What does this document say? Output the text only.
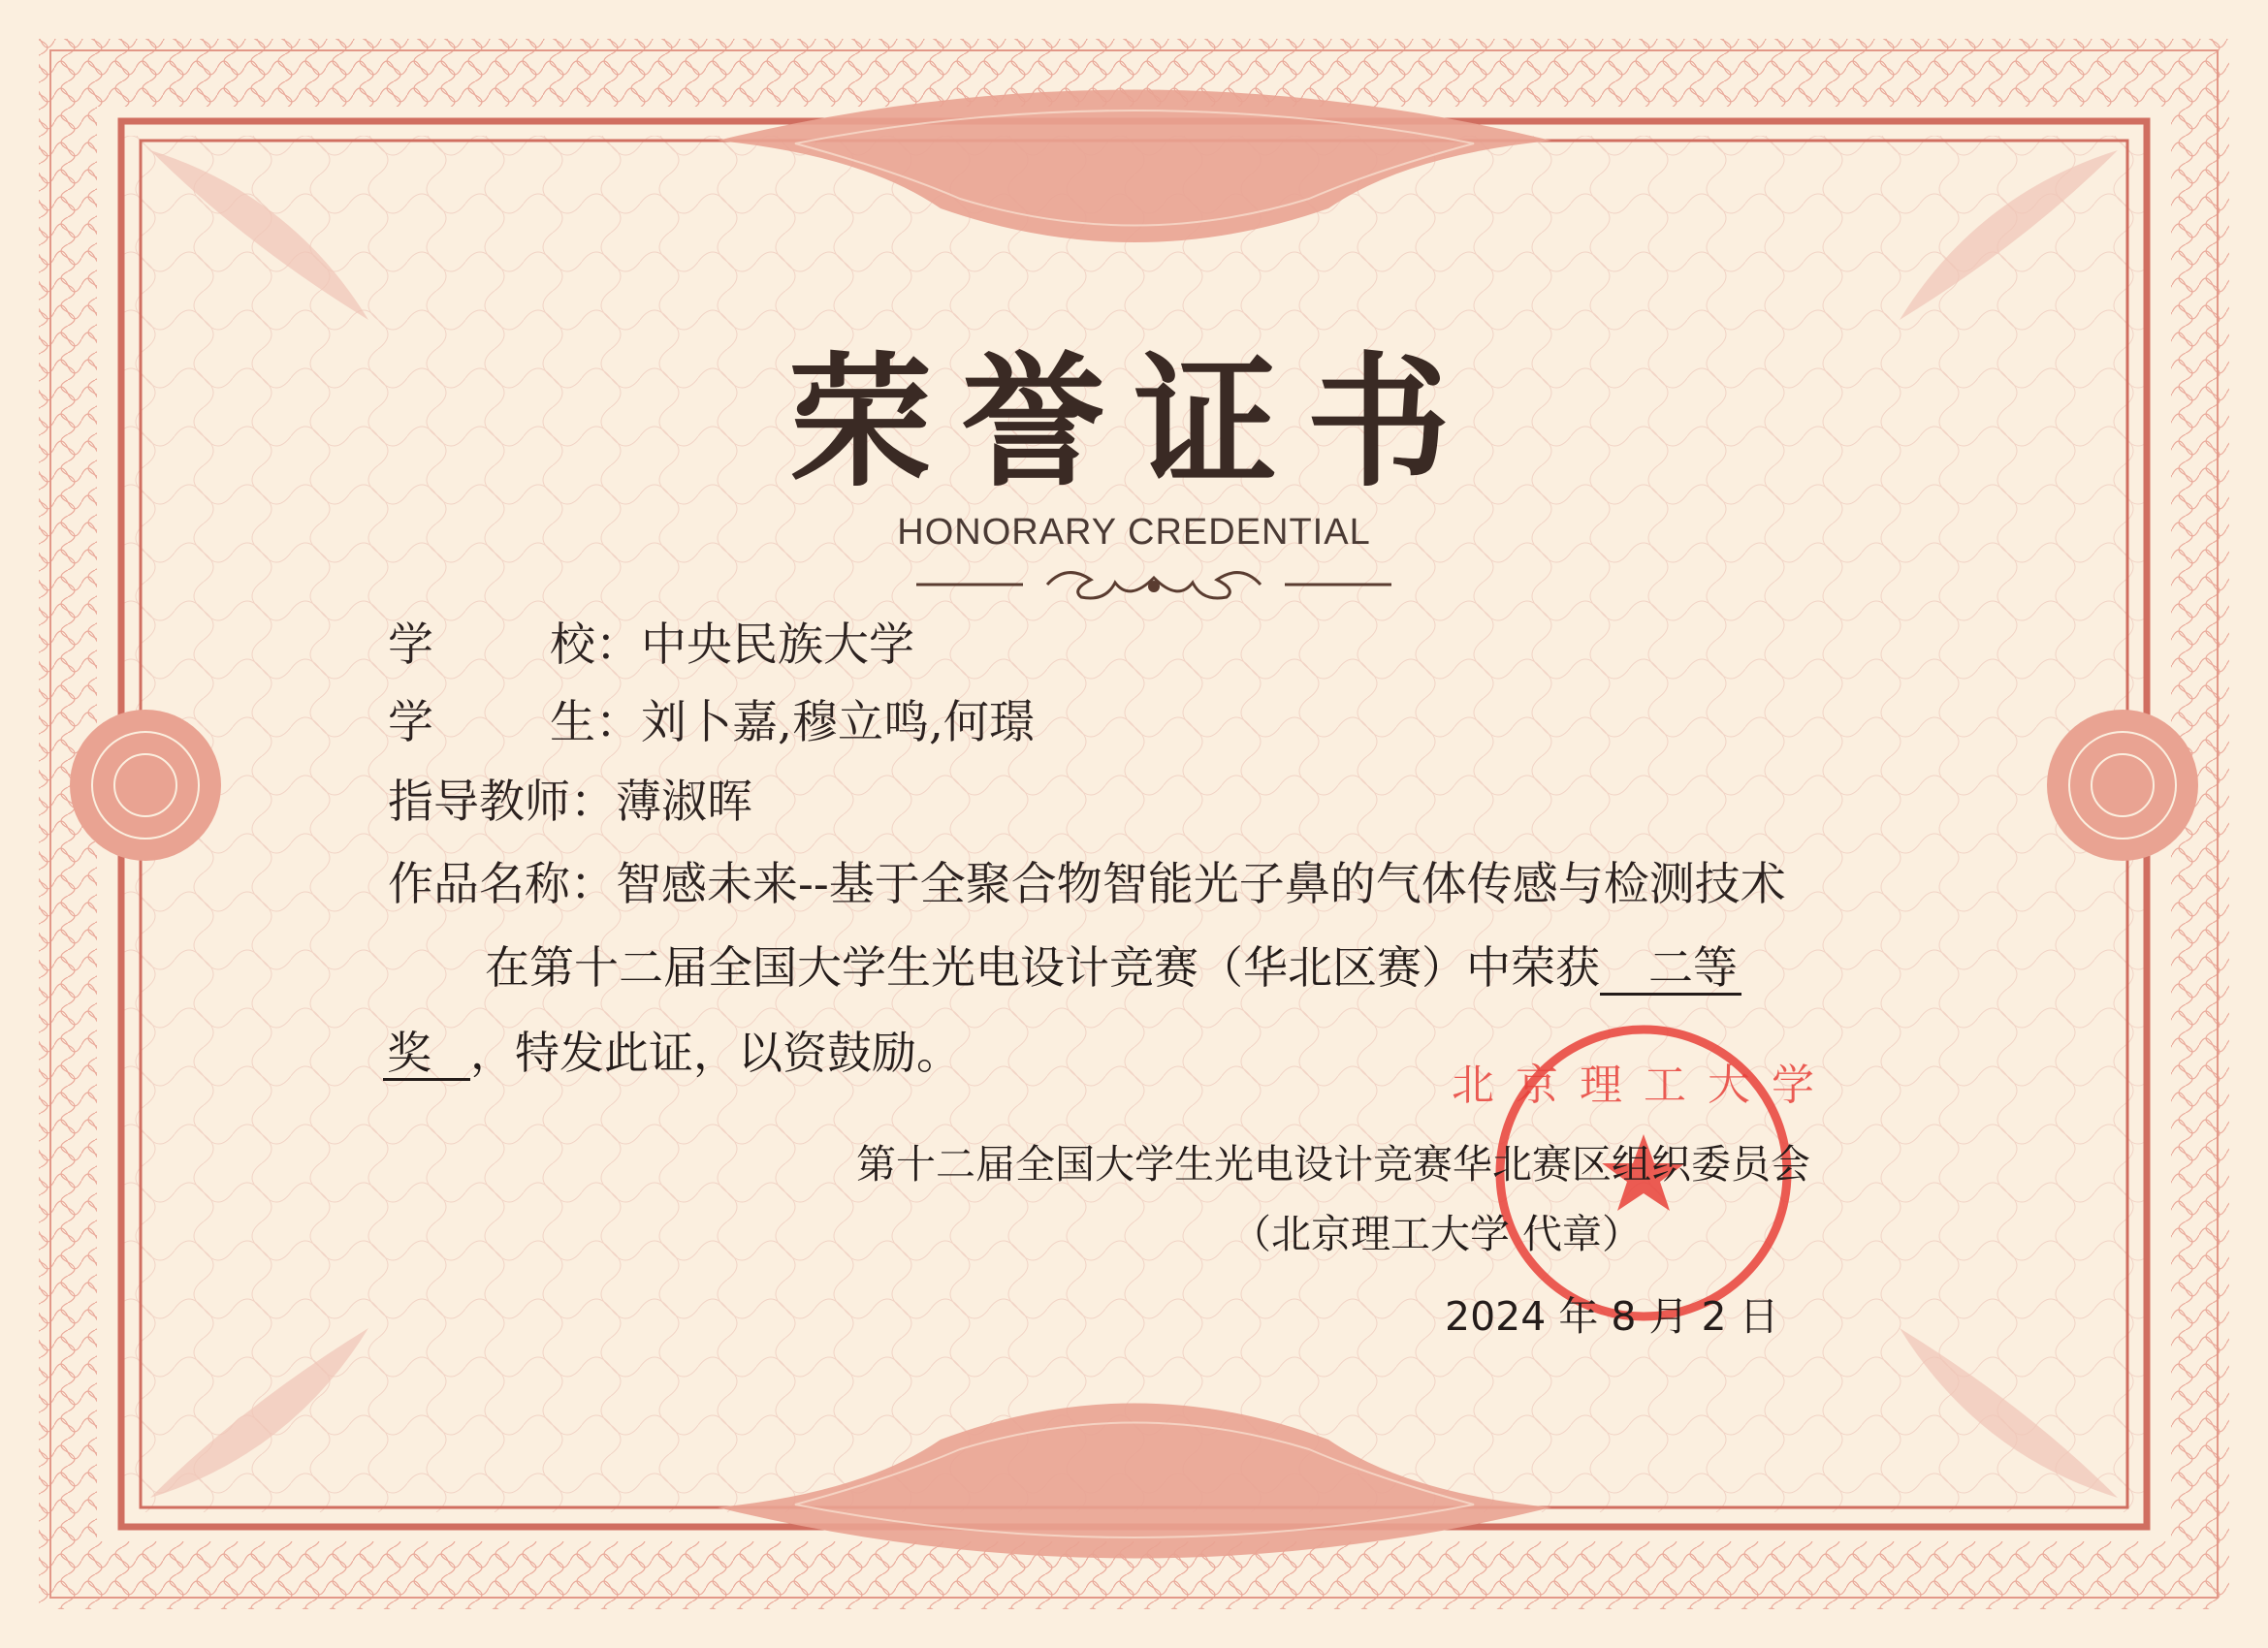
荣誉证书
HONORARY CREDENTIAL
学	校：中央民族大学
学	生：刘卜嘉,穆立鸣,何璟
指导教师：薄淑晖
作品名称：智感未来--基于全聚合物智能光子鼻的气体传感与检测技术
在第十二届全国大学生光电设计竞赛（华北区赛）中荣获 二等
奖 ，特发此证，以资鼓励。
北京理工大学
第十二届全国大学生光电设计竞赛华北赛区组织委员会
（北京理工大学 代章）
2024 年 8 月 2 日
